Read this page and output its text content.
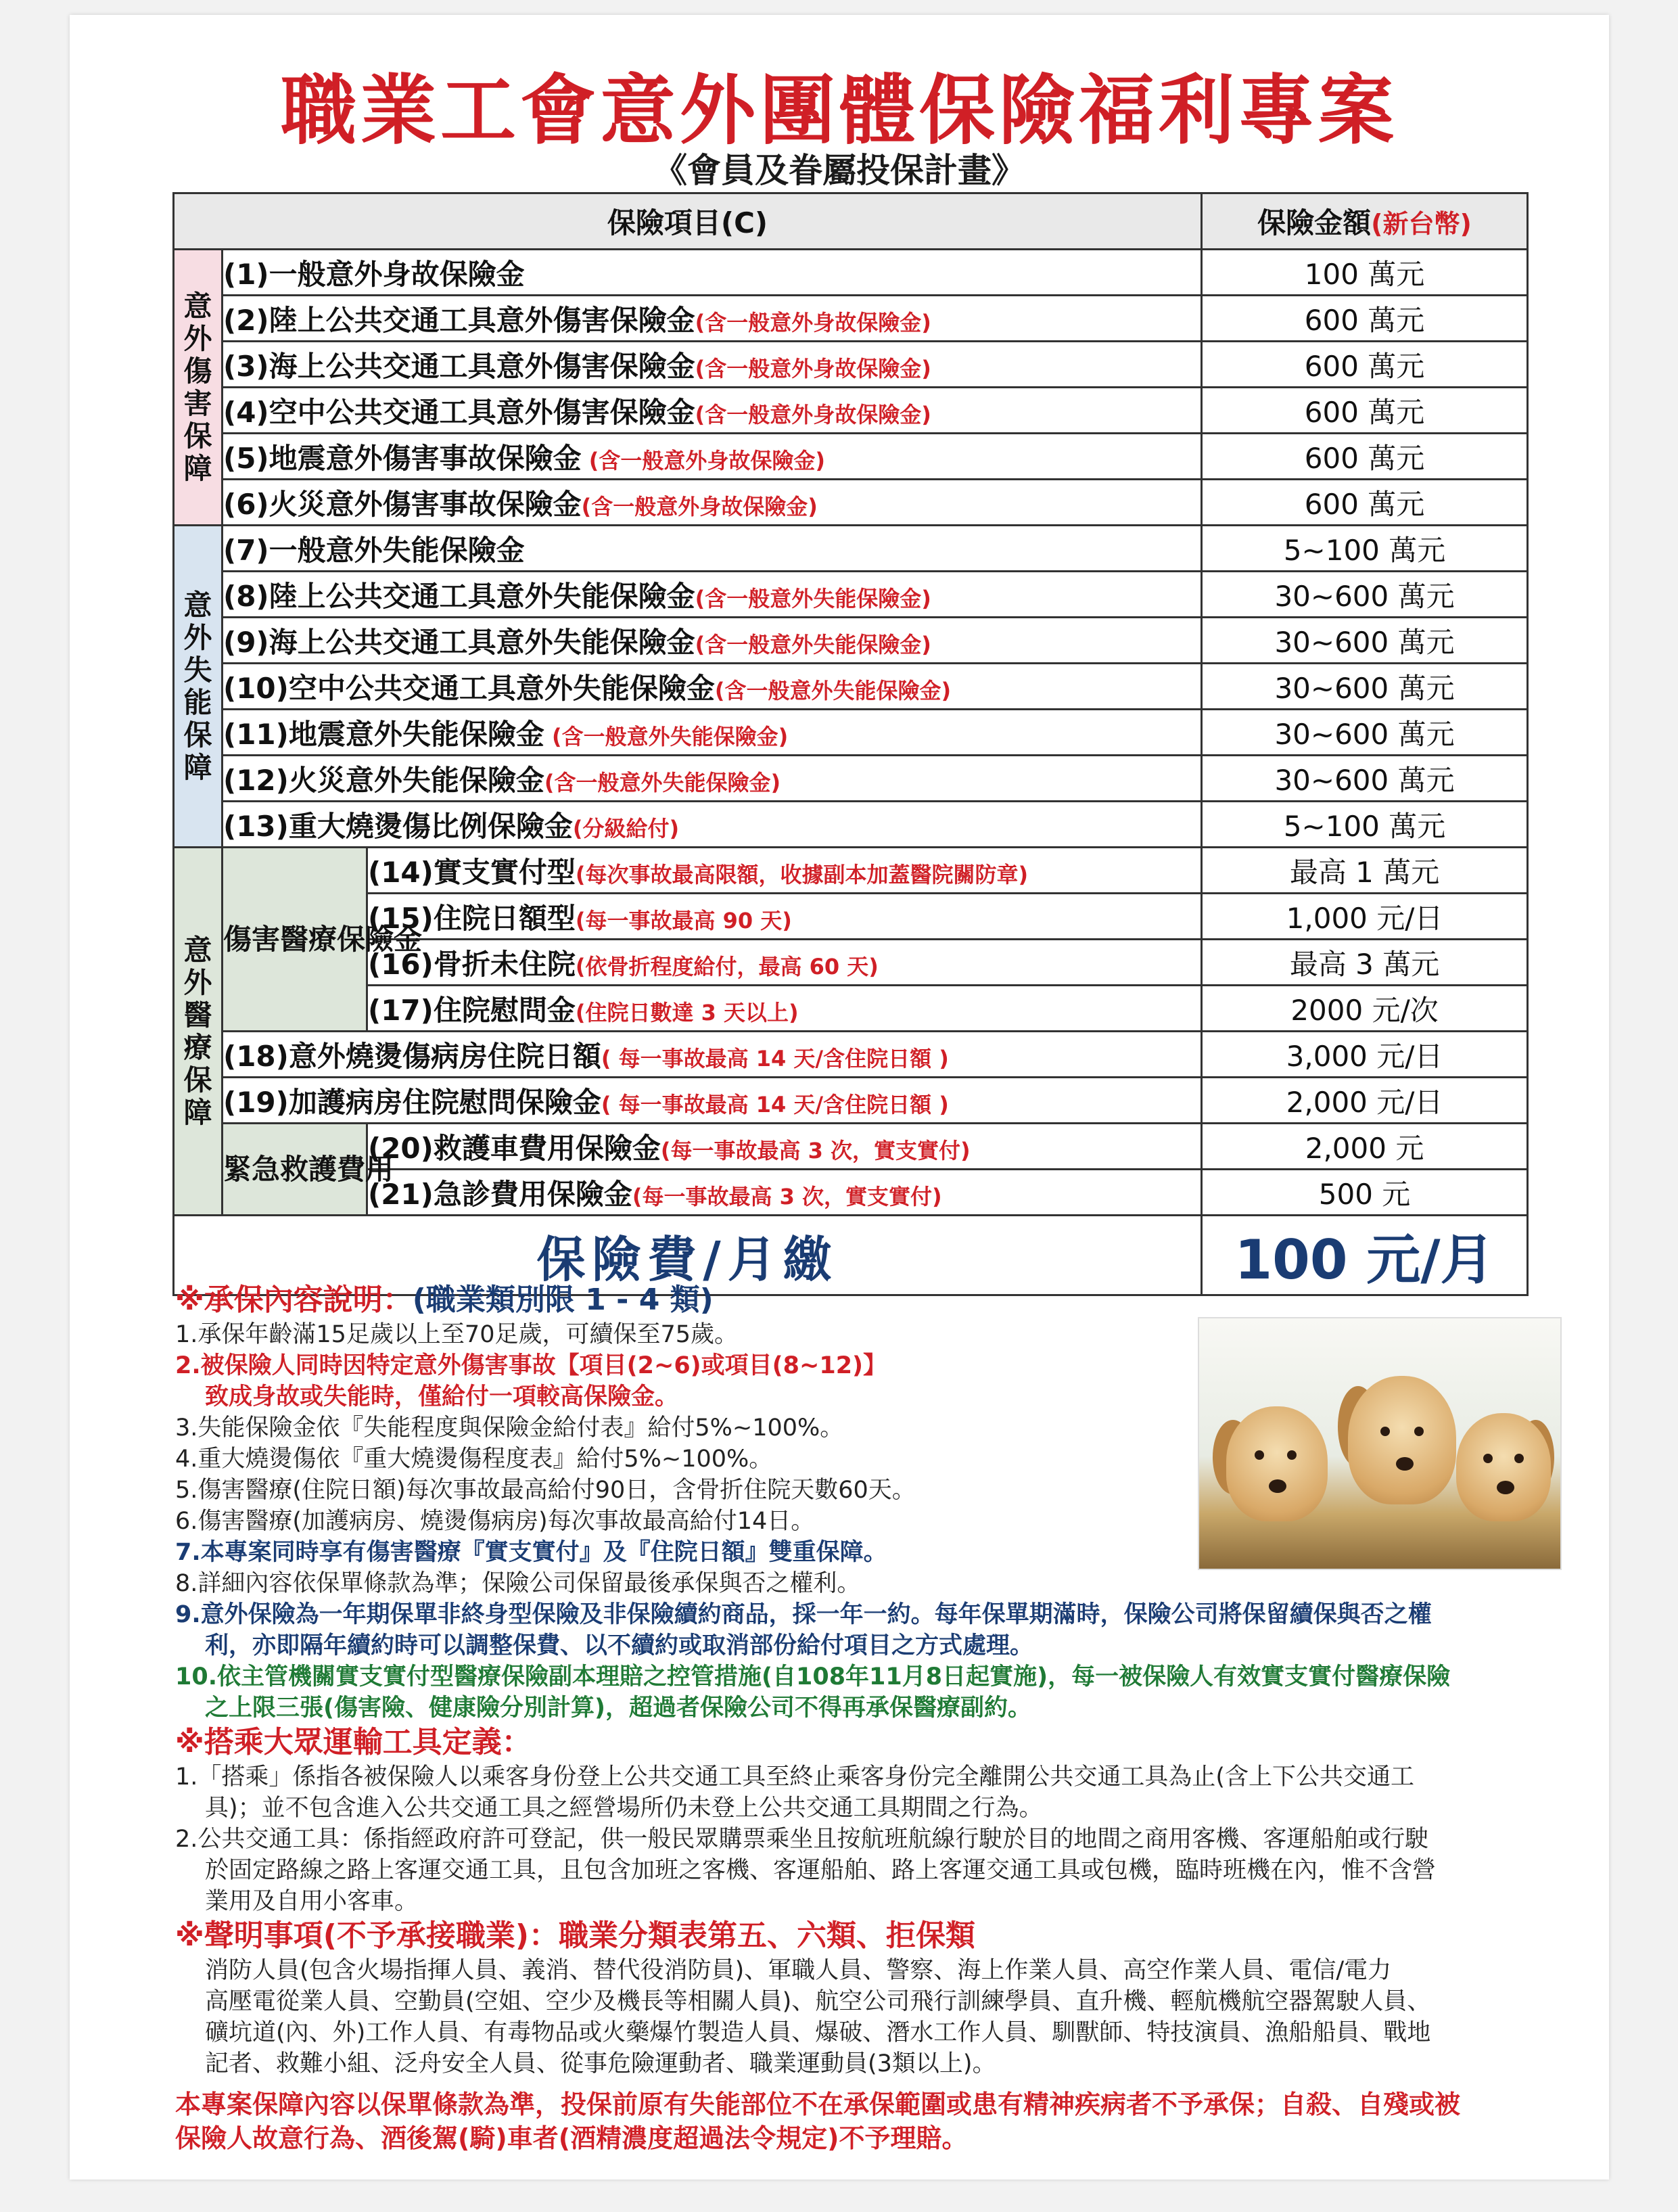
職業工會意外團體保險福利專案
《會員及眷屬投保計畫》
保險項目(C)			保險金額(新台幣)
意外傷害保障	(1)一般意外身故保險金		100 萬元
	(2)陸上公共交通工具意外傷害保險金(含一般意外身故保險金)		600 萬元
	(3)海上公共交通工具意外傷害保險金(含一般意外身故保險金)		600 萬元
	(4)空中公共交通工具意外傷害保險金(含一般意外身故保險金)		600 萬元
	(5)地震意外傷害事故保險金 (含一般意外身故保險金)		600 萬元
	(6)火災意外傷害事故保險金(含一般意外身故保險金)		600 萬元
意外失能保障	(7)一般意外失能保險金		5~100 萬元
	(8)陸上公共交通工具意外失能保險金(含一般意外失能保險金)		30~600 萬元
	(9)海上公共交通工具意外失能保險金(含一般意外失能保險金)		30~600 萬元
	(10)空中公共交通工具意外失能保險金(含一般意外失能保險金)		30~600 萬元
	(11)地震意外失能保險金 (含一般意外失能保險金)		30~600 萬元
	(12)火災意外失能保險金(含一般意外失能保險金)		30~600 萬元
	(13)重大燒燙傷比例保險金(分級給付)		5~100 萬元
意外醫療保障	傷害醫療保險金	(14)實支實付型(每次事故最高限額，收據副本加蓋醫院關防章)	最高 1 萬元
		(15)住院日額型(每一事故最高 90 天)	1,000 元/日
		(16)骨折未住院(依骨折程度給付，最高 60 天)	最高 3 萬元
		(17)住院慰問金(住院日數達 3 天以上)	2000 元/次
	(18)意外燒燙傷病房住院日額( 每一事故最高 14 天/含住院日額 )		3,000 元/日
	(19)加護病房住院慰問保險金( 每一事故最高 14 天/含住院日額 )		2,000 元/日
	緊急救護費用	(20)救護車費用保險金(每一事故最高 3 次，實支實付)	2,000 元
		(21)急診費用保險金(每一事故最高 3 次，實支實付)	500 元
保險費/月繳			100 元/月

※承保內容說明：(職業類別限 1 - 4 類)

1.承保年齡滿15足歲以上至70足歲，可續保至75歲。

2.被保險人同時因特定意外傷害事故【項目(2~6)或項目(8~12)】

致成身故或失能時，僅給付一項較高保險金。

3.失能保險金依『失能程度與保險金給付表』給付5%~100%。

4.重大燒燙傷依『重大燒燙傷程度表』給付5%~100%。

5.傷害醫療(住院日額)每次事故最高給付90日，含骨折住院天數60天。

6.傷害醫療(加護病房、燒燙傷病房)每次事故最高給付14日。

7.本專案同時享有傷害醫療『實支實付』及『住院日額』雙重保障。

8.詳細內容依保單條款為準；保險公司保留最後承保與否之權利。

9.意外保險為一年期保單非終身型保險及非保險續約商品，採一年一約。每年保單期滿時，保險公司將保留續保與否之權

利，亦即隔年續約時可以調整保費、以不續約或取消部份給付項目之方式處理。

10.依主管機關實支實付型醫療保險副本理賠之控管措施(自108年11月8日起實施)，每一被保險人有效實支實付醫療保險

之上限三張(傷害險、健康險分別計算)，超過者保險公司不得再承保醫療副約。

※搭乘大眾運輸工具定義：

1.「搭乘」係指各被保險人以乘客身份登上公共交通工具至終止乘客身份完全離開公共交通工具為止(含上下公共交通工

具)；並不包含進入公共交通工具之經營場所仍未登上公共交通工具期間之行為。

2.公共交通工具：係指經政府許可登記，供一般民眾購票乘坐且按航班航線行駛於目的地間之商用客機、客運船舶或行駛

於固定路線之路上客運交通工具，且包含加班之客機、客運船舶、路上客運交通工具或包機，臨時班機在內，惟不含營

業用及自用小客車。

※聲明事項(不予承接職業)：職業分類表第五、六類、拒保類

消防人員(包含火場指揮人員、義消、替代役消防員)、軍職人員、警察、海上作業人員、高空作業人員、電信/電力

高壓電從業人員、空勤員(空姐、空少及機長等相關人員)、航空公司飛行訓練學員、直升機、輕航機航空器駕駛人員、

礦坑道(內、外)工作人員、有毒物品或火藥爆竹製造人員、爆破、潛水工作人員、馴獸師、特技演員、漁船船員、戰地

記者、救難小組、泛舟安全人員、從事危險運動者、職業運動員(3類以上)。

本專案保障內容以保單條款為準，投保前原有失能部位不在承保範圍或患有精神疾病者不予承保；自殺、自殘或被

保險人故意行為、酒後駕(騎)車者(酒精濃度超過法令規定)不予理賠。
